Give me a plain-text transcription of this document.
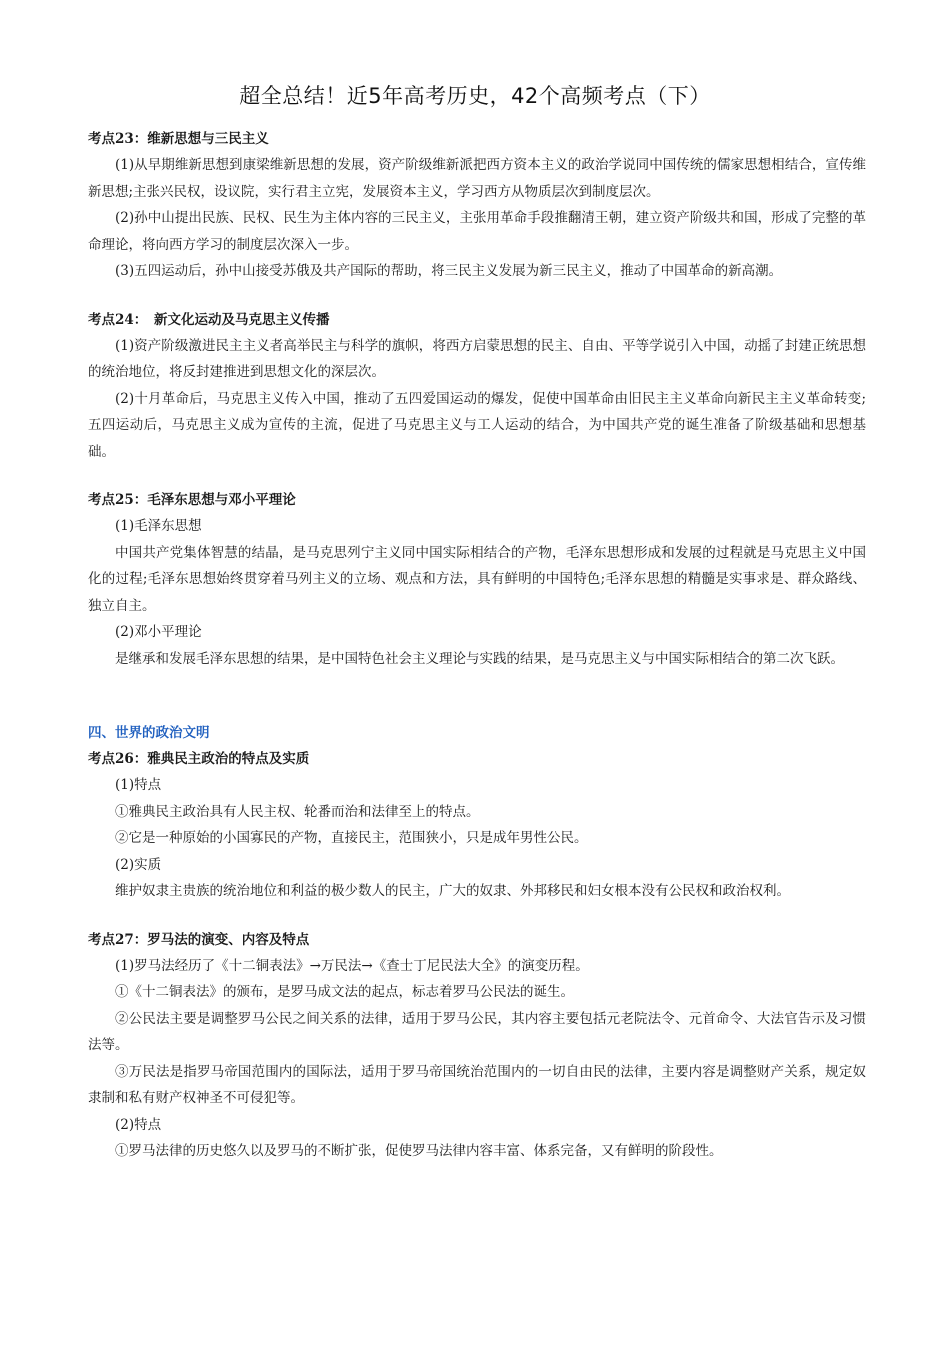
超全总结！近5年高考历史，42个高频考点（下）

考点23：维新思想与三民主义

(1)从早期维新思想到康梁维新思想的发展，资产阶级维新派把西方资本主义的政治学说同中国传统的儒家思想相结合，宣传维新思想;主张兴民权，设议院，实行君主立宪，发展资本主义，学习西方从物质层次到制度层次。

(2)孙中山提出民族、民权、民生为主体内容的三民主义，主张用革命手段推翻清王朝，建立资产阶级共和国，形成了完整的革命理论，将向西方学习的制度层次深入一步。

(3)五四运动后，孙中山接受苏俄及共产国际的帮助，将三民主义发展为新三民主义，推动了中国革命的新高潮。

考点24：　新文化运动及马克思主义传播

(1)资产阶级激进民主主义者高举民主与科学的旗帜，将西方启蒙思想的民主、自由、平等学说引入中国，动摇了封建正统思想的统治地位，将反封建推进到思想文化的深层次。

(2)十月革命后，马克思主义传入中国，推动了五四爱国运动的爆发，促使中国革命由旧民主主义革命向新民主主义革命转变;五四运动后，马克思主义成为宣传的主流，促进了马克思主义与工人运动的结合，为中国共产党的诞生准备了阶级基础和思想基础。

考点25：毛泽东思想与邓小平理论

(1)毛泽东思想

中国共产党集体智慧的结晶，是马克思列宁主义同中国实际相结合的产物，毛泽东思想形成和发展的过程就是马克思主义中国化的过程;毛泽东思想始终贯穿着马列主义的立场、观点和方法，具有鲜明的中国特色;毛泽东思想的精髓是实事求是、群众路线、独立自主。

(2)邓小平理论

是继承和发展毛泽东思想的结果，是中国特色社会主义理论与实践的结果，是马克思主义与中国实际相结合的第二次飞跃。

四、世界的政治文明

考点26：雅典民主政治的特点及实质

(1)特点

①雅典民主政治具有人民主权、轮番而治和法律至上的特点。

②它是一种原始的小国寡民的产物，直接民主，范围狭小，只是成年男性公民。

(2)实质

维护奴隶主贵族的统治地位和利益的极少数人的民主，广大的奴隶、外邦移民和妇女根本没有公民权和政治权利。

考点27：罗马法的演变、内容及特点

(1)罗马法经历了《十二铜表法》→万民法→《查士丁尼民法大全》的演变历程。

①《十二铜表法》的颁布，是罗马成文法的起点，标志着罗马公民法的诞生。

②公民法主要是调整罗马公民之间关系的法律，适用于罗马公民，其内容主要包括元老院法令、元首命令、大法官告示及习惯法等。

③万民法是指罗马帝国范围内的国际法，适用于罗马帝国统治范围内的一切自由民的法律，主要内容是调整财产关系，规定奴隶制和私有财产权神圣不可侵犯等。

(2)特点

①罗马法律的历史悠久以及罗马的不断扩张，促使罗马法律内容丰富、体系完备，又有鲜明的阶段性。
